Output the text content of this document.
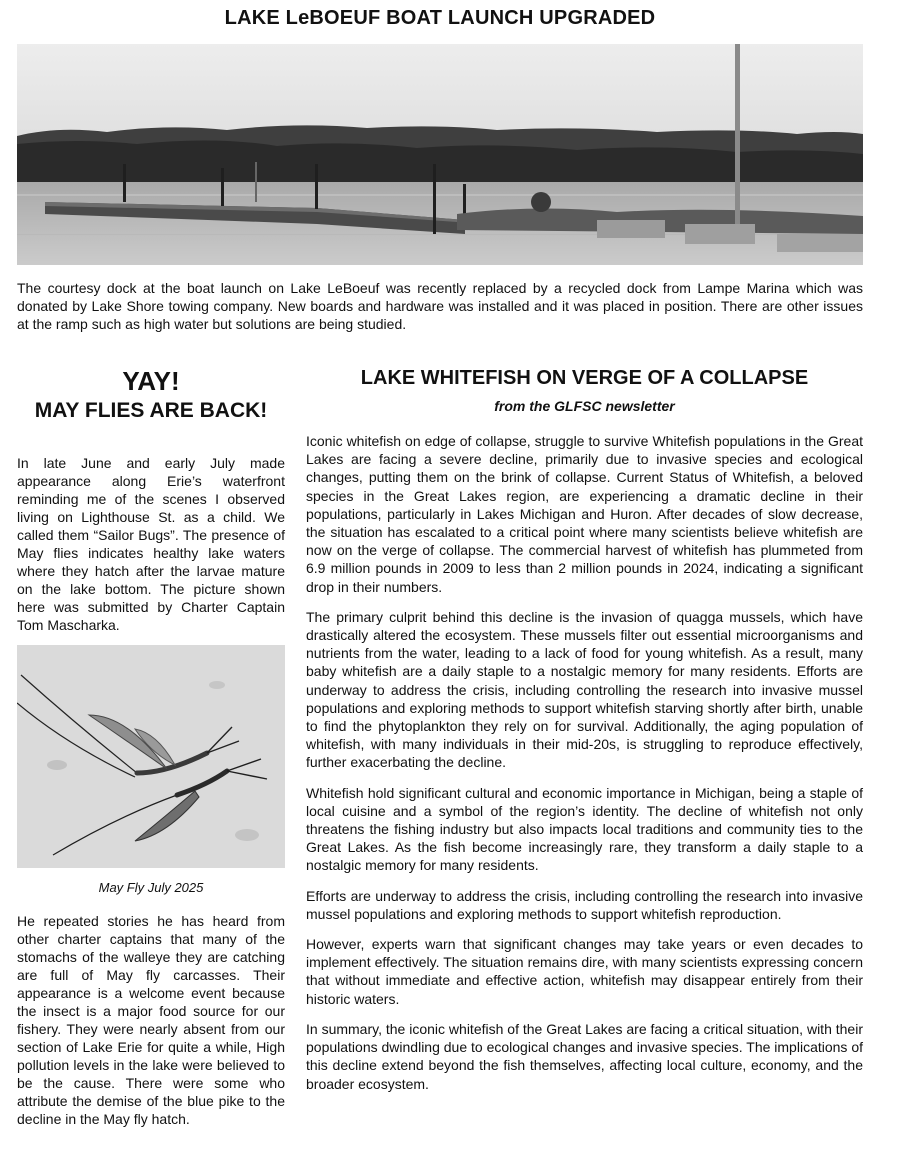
LAKE LeBOEUF BOAT LAUNCH UPGRADED
The courtesy dock at the boat launch on Lake LeBoeuf was recently replaced by a recycled dock from Lampe Marina which was donated by Lake Shore towing company. New boards and hardware was installed and it was placed in position. There are other issues at the ramp such as high water but solutions are being studied.
YAY!
MAY FLIES ARE BACK!

In late June and early July made appearance along Erie’s waterfront reminding me of the scenes I observed living on Lighthouse St. as a child. We called them “Sailor Bugs”. The presence of May flies indicates healthy lake waters where they hatch after the larvae mature on the lake bottom. The picture shown here was submitted by Charter Captain Tom Mascharka.

May Fly July 2025

He repeated stories he has heard from other charter captains that many of the stomachs of the walleye they are catching are full of May fly carcasses. Their appearance is a welcome event because the insect is a major food source for our fishery. They were nearly absent from our section of Lake Erie for quite a while, High pollution levels in the lake were believed to be the cause. There were some who attribute the demise of the blue pike to the decline in the May fly hatch.

LAKE WHITEFISH ON VERGE OF A COLLAPSE
from the GLFSC newsletter

Iconic whitefish on edge of collapse, struggle to survive Whitefish populations in the Great Lakes are facing a severe decline, primarily due to invasive species and ecological changes, putting them on the brink of collapse. Current Status of Whitefish, a beloved species in the Great Lakes region, are experiencing a dramatic decline in their populations, particularly in Lakes Michigan and Huron. After decades of slow decrease, the situation has escalated to a critical point where many scientists believe whitefish are now on the verge of collapse. The commercial harvest of whitefish has plummeted from 6.9 million pounds in 2009 to less than 2 million pounds in 2024, indicating a significant drop in their numbers.

The primary culprit behind this decline is the invasion of quagga mussels, which have drastically altered the ecosystem. These mussels filter out essential microorganisms and nutrients from the water, leading to a lack of food for young whitefish. As a result, many baby whitefish are a daily staple to a nostalgic memory for many residents. Efforts are underway to address the crisis, including controlling the research into invasive mussel populations and exploring methods to support whitefish starving shortly after birth, unable to find the phytoplankton they rely on for survival. Additionally, the aging population of whitefish, with many individuals in their mid-20s, is struggling to reproduce effectively, further exacerbating the decline.

Whitefish hold significant cultural and economic importance in Michigan, being a staple of local cuisine and a symbol of the region’s identity. The decline of whitefish not only threatens the fishing industry but also impacts local traditions and community ties to the Great Lakes. As the fish become increasingly rare, they transform a daily staple to a nostalgic memory for many residents.

Efforts are underway to address the crisis, including controlling the research into invasive mussel populations and exploring methods to support whitefish reproduction.

However, experts warn that significant changes may take years or even decades to implement effectively. The situation remains dire, with many scientists expressing concern that without immediate and effective action, whitefish may disappear entirely from their historic waters.

In summary, the iconic whitefish of the Great Lakes are facing a critical situation, with their populations dwindling due to ecological changes and invasive species. The implications of this decline extend beyond the fish themselves, affecting local culture, economy, and the broader ecosystem.
